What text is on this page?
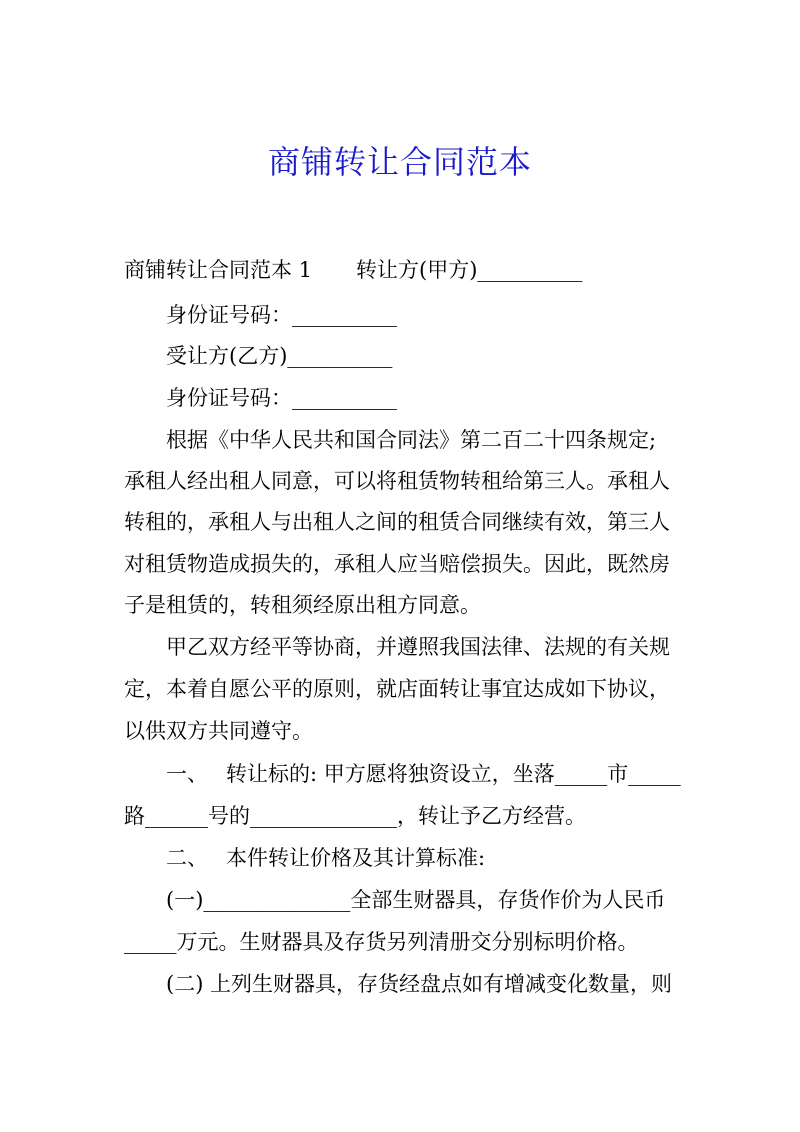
商铺转让合同范本
商铺转让合同范本 1 转让方(甲方)__________
身份证号码：__________
受让方(乙方)__________
身份证号码：__________
根据《中华人民共和国合同法》第二百二十四条规定;
承租人经出租人同意，可以将租赁物转租给第三人。承租人
转租的，承租人与出租人之间的租赁合同继续有效，第三人
对租赁物造成损失的，承租人应当赔偿损失。因此，既然房
子是租赁的，转租须经原出租方同意。
甲乙双方经平等协商，并遵照我国法律、法规的有关规
定，本着自愿公平的原则，就店面转让事宜达成如下协议，
以供双方共同遵守。
一、 转让标的: 甲方愿将独资设立，坐落_____市_____
路______号的______________，转让予乙方经营。
二、 本件转让价格及其计算标准:
(一)______________全部生财器具，存货作价为人民币
_____万元。生财器具及存货另列清册交分别标明价格。
(二) 上列生财器具，存货经盘点如有增减变化数量，则
